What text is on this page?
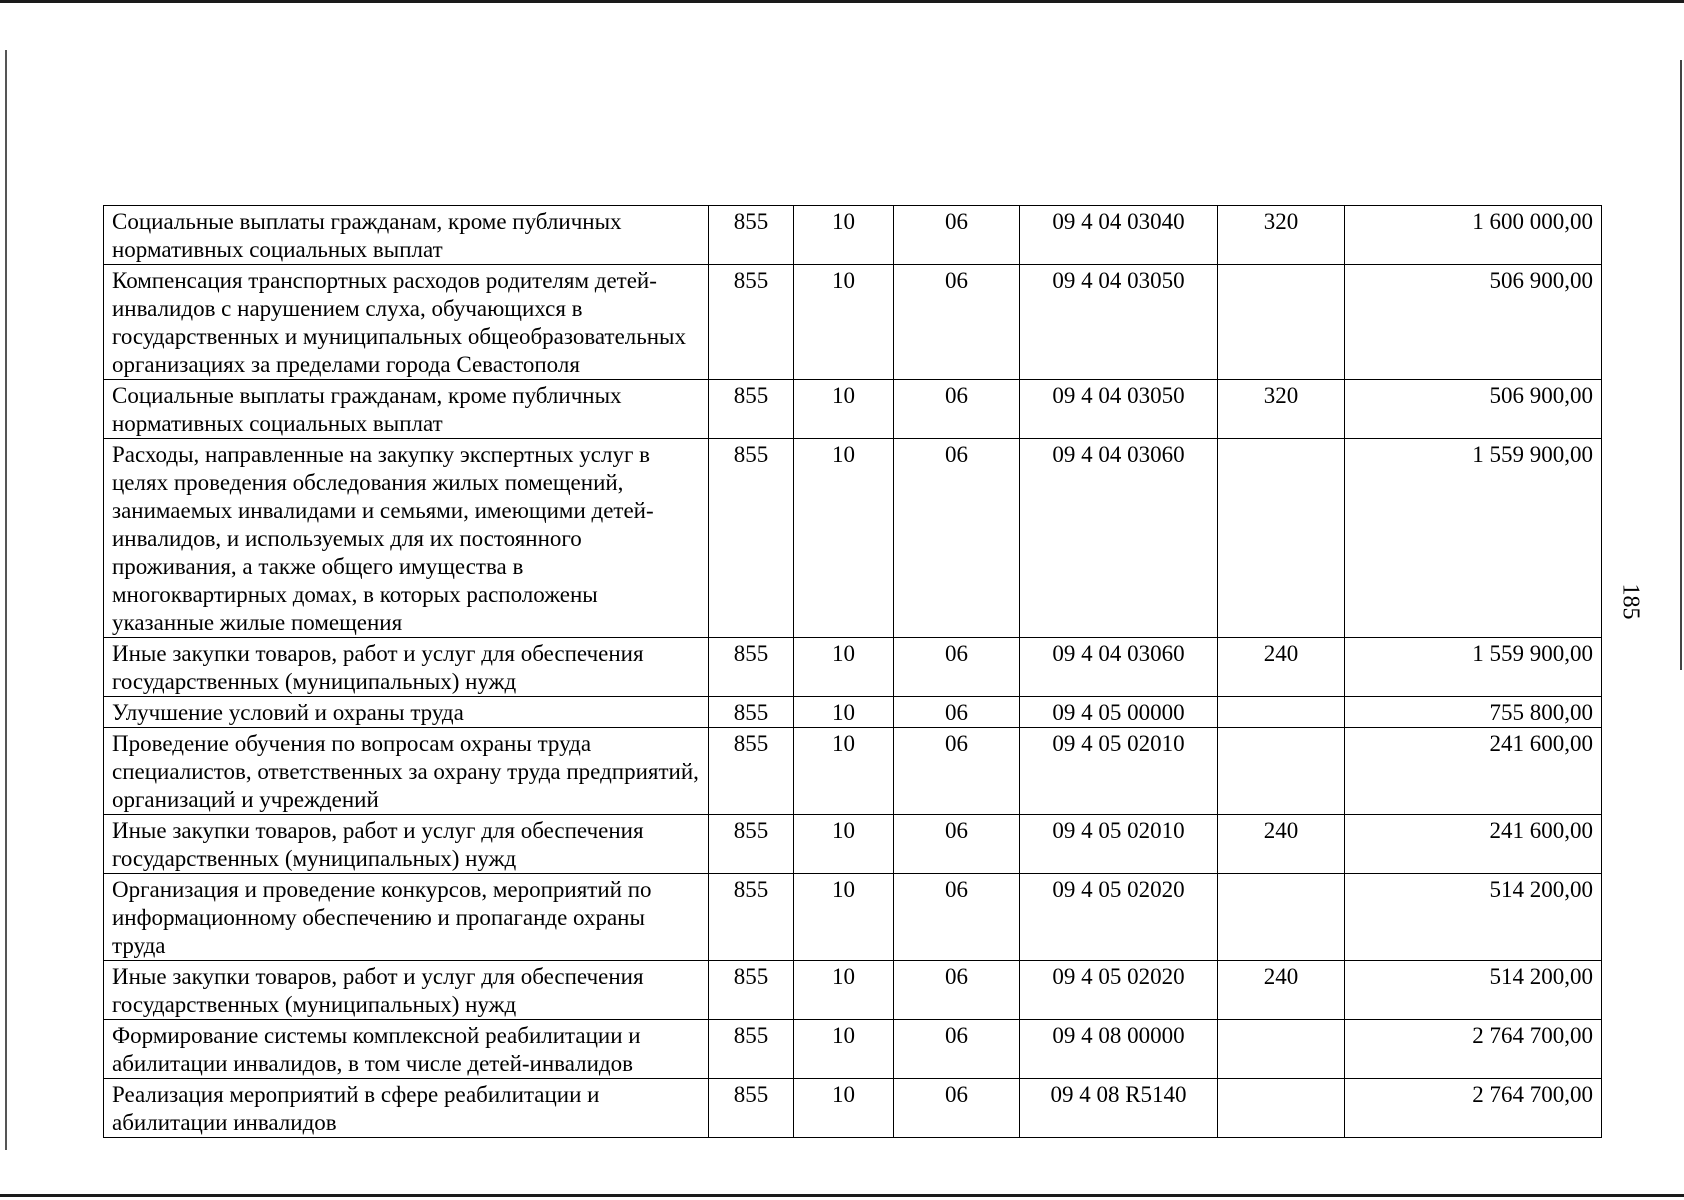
185
Социальные выплаты гражданам, кроме публичных нормативных социальных выплат	855	10	06	09 4 04 03040	320	1 600 000,00
Компенсация транспортных расходов родителям детей-инвалидов с нарушением слуха, обучающихся в государственных и муниципальных общеобразовательных организациях за пределами города Севастополя	855	10	06	09 4 04 03050		506 900,00
Социальные выплаты гражданам, кроме публичных нормативных социальных выплат	855	10	06	09 4 04 03050	320	506 900,00
Расходы, направленные на закупку экспертных услуг в целях проведения обследования жилых помещений, занимаемых инвалидами и семьями, имеющими детей-инвалидов, и используемых для их постоянного проживания, а также общего имущества в многоквартирных домах, в которых расположены указанные жилые помещения	855	10	06	09 4 04 03060		1 559 900,00
Иные закупки товаров, работ и услуг для обеспечения государственных (муниципальных) нужд	855	10	06	09 4 04 03060	240	1 559 900,00
Улучшение условий и охраны труда	855	10	06	09 4 05 00000		755 800,00
Проведение обучения по вопросам охраны труда специалистов, ответственных за охрану труда предприятий, организаций и учреждений	855	10	06	09 4 05 02010		241 600,00
Иные закупки товаров, работ и услуг для обеспечения государственных (муниципальных) нужд	855	10	06	09 4 05 02010	240	241 600,00
Организация и проведение конкурсов, мероприятий по информационному обеспечению и пропаганде охраны труда	855	10	06	09 4 05 02020		514 200,00
Иные закупки товаров, работ и услуг для обеспечения государственных (муниципальных) нужд	855	10	06	09 4 05 02020	240	514 200,00
Формирование системы комплексной реабилитации и абилитации инвалидов, в том числе детей-инвалидов	855	10	06	09 4 08 00000		2 764 700,00
Реализация мероприятий в сфере реабилитации и абилитации инвалидов	855	10	06	09 4 08 R5140		2 764 700,00
